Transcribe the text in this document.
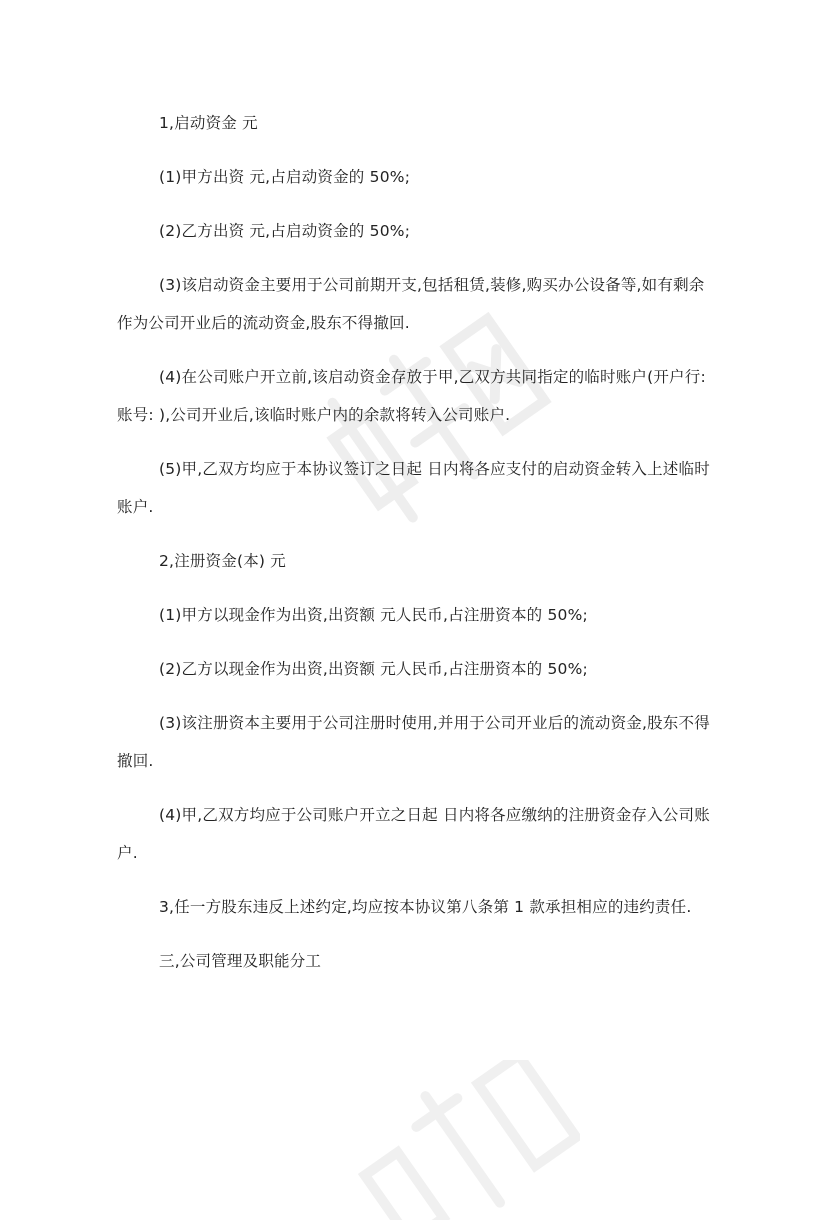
1,启动资金 元

(1)甲方出资 元,占启动资金的 50%;

(2)乙方出资 元,占启动资金的 50%;

(3)该启动资金主要用于公司前期开支,包括租赁,装修,购买办公设备等,如有剩余作为公司开业后的流动资金,股东不得撤回.

(4)在公司账户开立前,该启动资金存放于甲,乙双方共同指定的临时账户(开户行: 账号: ),公司开业后,该临时账户内的余款将转入公司账户.

(5)甲,乙双方均应于本协议签订之日起 日内将各应支付的启动资金转入上述临时账户.

2,注册资金(本) 元

(1)甲方以现金作为出资,出资额 元人民币,占注册资本的 50%;

(2)乙方以现金作为出资,出资额 元人民币,占注册资本的 50%;

(3)该注册资本主要用于公司注册时使用,并用于公司开业后的流动资金,股东不得撤回.

(4)甲,乙双方均应于公司账户开立之日起 日内将各应缴纳的注册资金存入公司账户.

3,任一方股东违反上述约定,均应按本协议第八条第 1 款承担相应的违约责任.

三,公司管理及职能分工
